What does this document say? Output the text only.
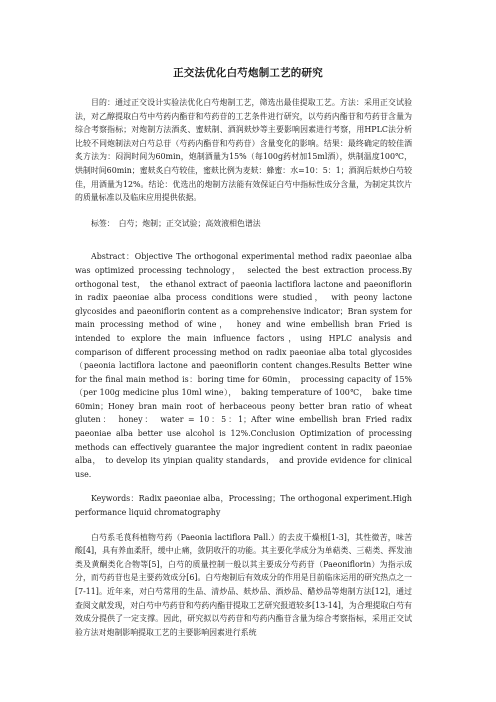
正交法优化白芍炮制工艺的研究
目的：通过正交设计实验法优化白芍炮制工艺，筛选出最佳提取工艺。方法：采用正交试验法，对乙醇提取白芍中芍药内酯苷和芍药苷的工艺条件进行研究，以芍药内酯苷和芍药苷含量为综合考察指标；对炮制方法酒炙、蜜麸制、酒润麸炒等主要影响因素进行考察，用HPLC法分析比较不同炮制法对白芍总苷（芍药内酯苷和芍药苷）含量变化的影响。结果：最终确定的较佳酒炙方法为：闷润时间为60min，炮制酒量为15%（每100g药材加15ml酒），烘制温度100℃，烘制时间60min；蜜麸炙白芍较佳，蜜麸比例为麦麸：蜂蜜：水=10：5：1；酒润后麸炒白芍较佳，用酒量为12%。结论：优选出的炮制方法能有效保证白芍中指标性成分含量，为制定其饮片的质量标准以及临床应用提供依据。
标签：　白芍；炮制；正交试验；高效液相色谱法
Abstract：Objective The orthogonal experimental method radix paeoniae alba was optimized processing technology，　selected the best extraction process.By orthogonal test，　the ethanol extract of paeonia lactiflora lactone and paeoniflorin in radix paeoniae alba process conditions were studied，　with peony lactone glycosides and paeoniflorin content as a comprehensive indicator；Bran system for main processing method of wine，　honey and wine embellish bran Fried is intended to explore the main influence factors，using HPLC analysis and comparison of different processing method on radix paeoniae alba total glycosides （paeonia lactiflora lactone and paeoniflorin content changes.Results Better wine for the final main method is：boring time for 60min，　processing capacity of 15% （per 100g medicine plus 10ml wine），　baking temperature of 100℃，　bake time 60min；Honey bran main root of herbaceous peony better bran ratio of wheat gluten：　honey：　water = 10：5：1；After wine embellish bran Fried radix paeoniae alba better use alcohol is 12%.Conclusion Optimization of processing methods can effectively guarantee the major ingredient content in radix paeoniae alba，　to develop its yinpian quality standards，　and provide evidence for clinical use.
Keywords：Radix paeoniae alba，Processing；The orthogonal experiment.High performance liquid chromatography
白芍系毛茛科植物芍药（Paeonia lactiflora Pall.）的去皮干燥根[1-3]，其性微苦，味苦酸[4]，具有养血柔肝，缓中止痛，敛阴收汗的功能。其主要化学成分为单萜类、三萜类、挥发油类及黄酮类化合物等[5]，白芍的质量控制一般以其主要成分芍药苷（Paeoniflorin）为指示成分，而芍药苷也是主要药效成分[6]。白芍炮制后有效成分的作用是目前临床运用的研究热点之一[7-11]。近年来，对白芍常用的生品、清炒品、麸炒品、酒炒品、醋炒品等炮制方法[12]，通过查阅文献发现，对白芍中芍药苷和芍药内酯苷提取工艺研究报道较多[13-14]，为合理提取白芍有效成分提供了一定支撑。因此，研究拟以芍药苷和芍药内酯苷含量为综合考察指标，采用正交试验方法对炮制影响提取工艺的主要影响因素进行系统
